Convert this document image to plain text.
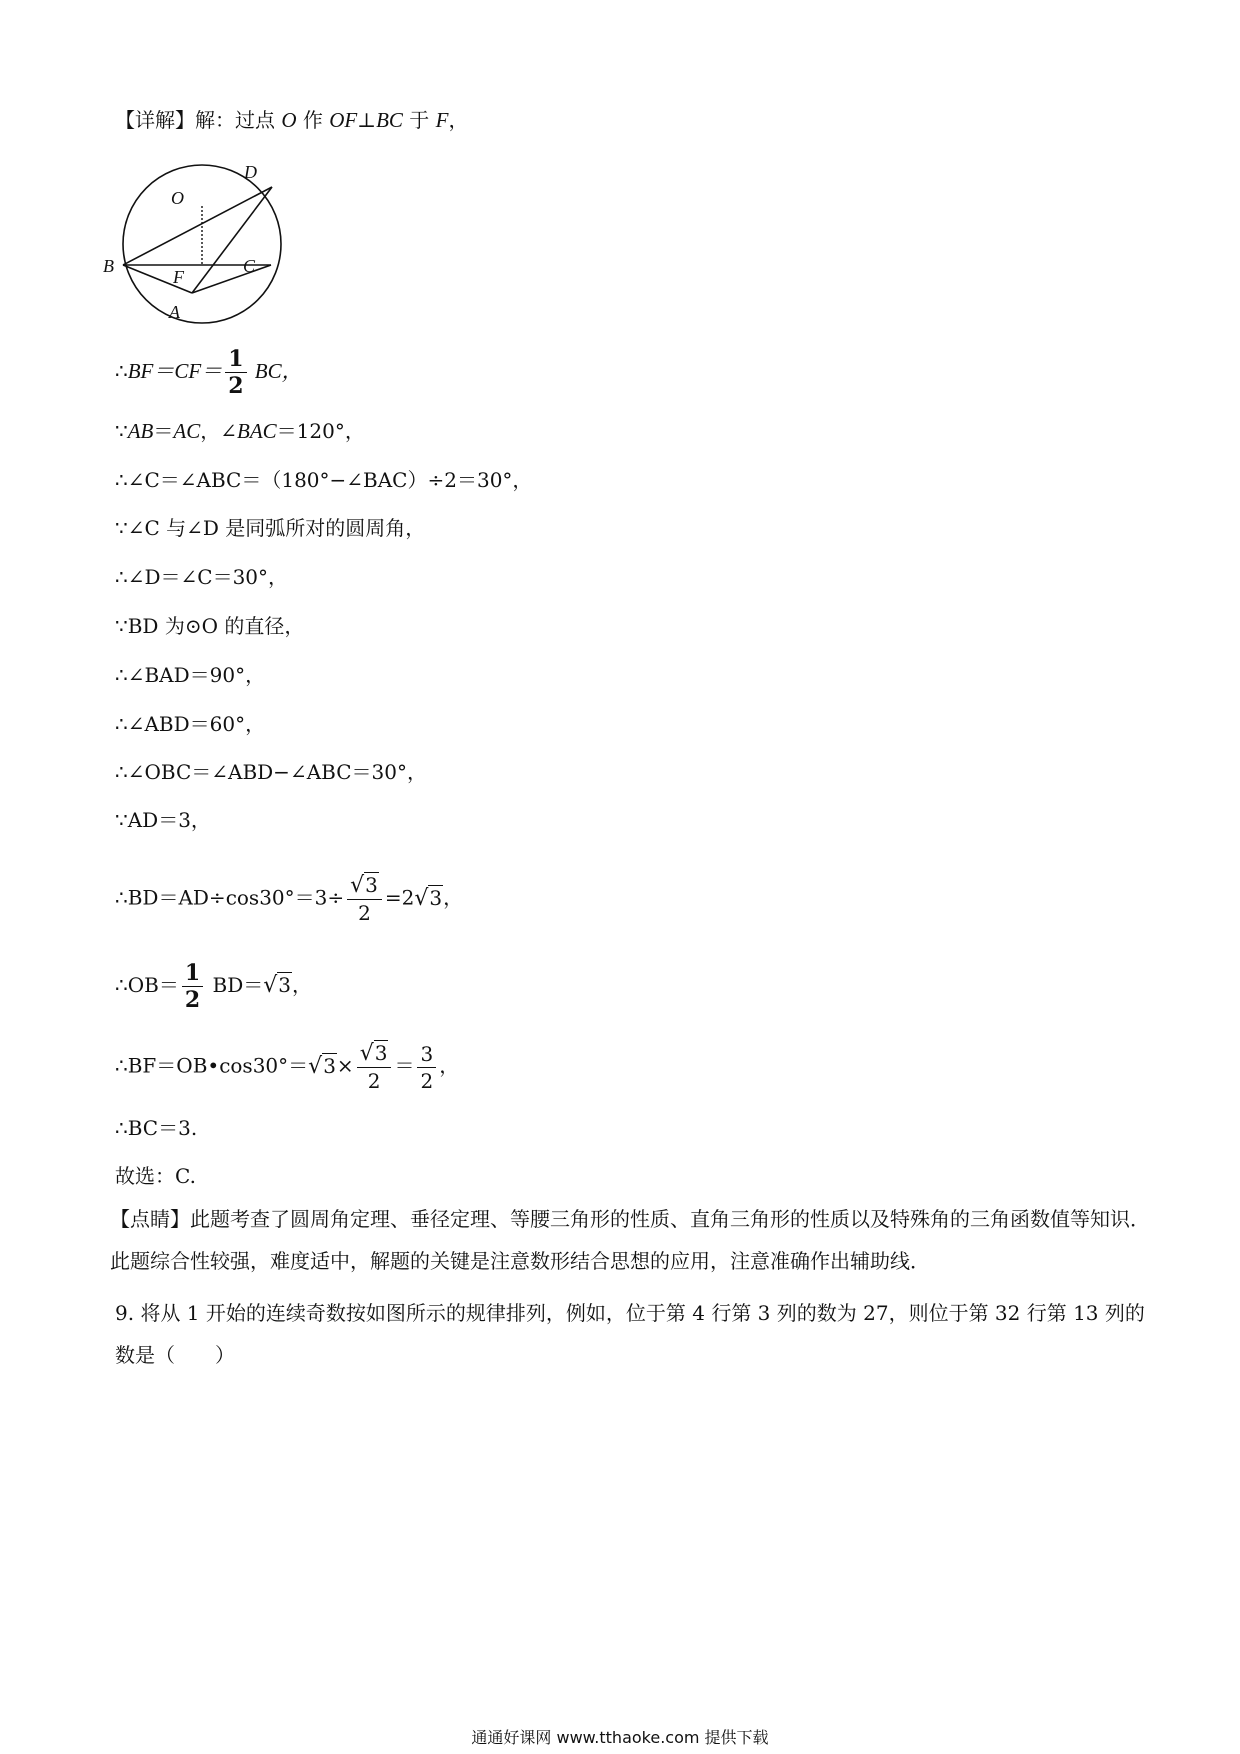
【详解】解：过点 O 作 OF⊥BC 于 F，
O
D
B	C
F
A
∴BF＝CF＝ $\frac{1}{2}$ BC，
∵AB＝AC，∠BAC＝120°，
∴∠C＝∠ABC＝（180°−∠BAC）÷2＝30°，
∵∠C 与∠D 是同弧所对的圆周角，
∴∠D＝∠C＝30°，
∵BD 为⊙O 的直径，
∴∠BAD＝90°，
∴∠ABD＝60°，
∴∠OBC＝∠ABD−∠ABC＝30°，
∵AD＝3，
∴BD＝AD÷cos30°＝3÷ $\frac{√3}{2} =2√3$，
∴OB＝ $\frac{1}{2} BD=√3$，
∴BF＝OB•cos30°＝√3× $\frac{√3}{2} = \frac{3}{2}$ ，
∴BC＝3.
故选：C.
【点睛】此题考查了圆周角定理、垂径定理、等腰三角形的性质、直角三角形的性质以及特殊角的三角函数值等知识．此题综合性较强，难度适中，解题的关键是注意数形结合思想的应用，注意准确作出辅助线．
9. 将从 1 开始的连续奇数按如图所示的规律排列，例如，位于第 4 行第 3 列的数为 27，则位于第 32 行第 13 列的数是（　　）
通通好课网 www.tthaoke.com 提供下载
